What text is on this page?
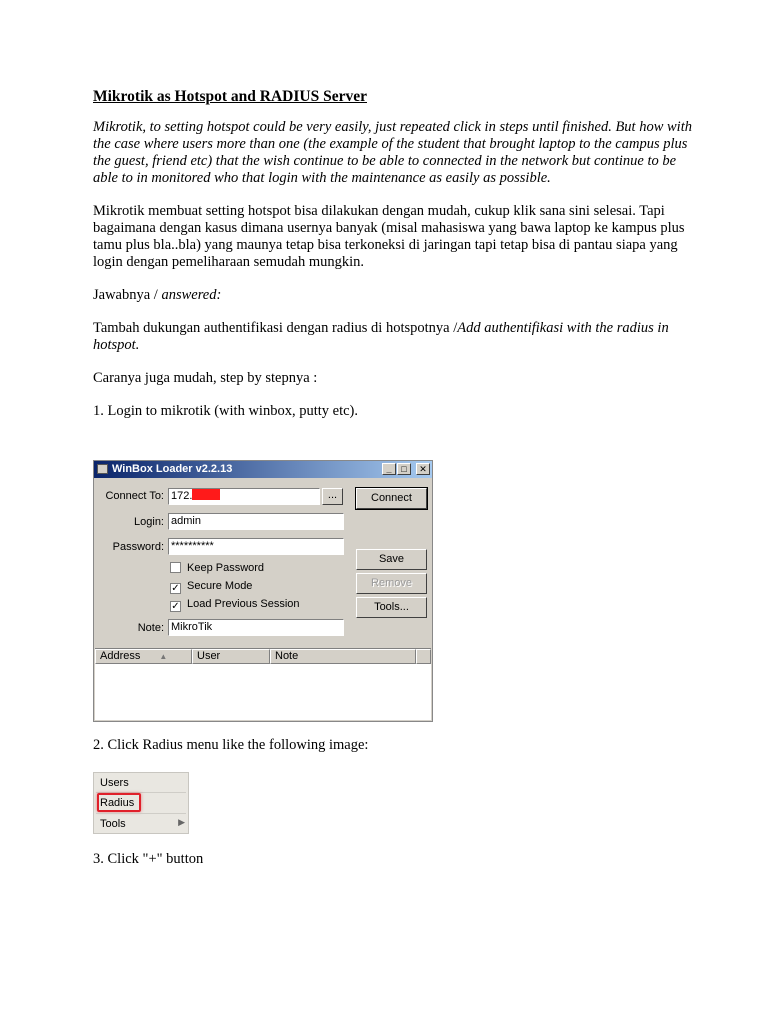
Mikrotik as Hotspot and RADIUS Server

Mikrotik, to setting hotspot could be very easily, just repeated click in steps until finished. But how with the case where users more than one (the example of the student that brought laptop to the campus plus the guest, friend etc) that the wish continue to be able to connected in the network but continue to be able to in monitored who that login with the maintenance as easily as possible.

Mikrotik membuat setting hotspot bisa dilakukan dengan mudah, cukup klik sana sini selesai. Tapi bagaimana dengan kasus dimana usernya banyak (misal mahasiswa yang bawa laptop ke kampus plus tamu plus bla..bla) yang maunya tetap bisa terkoneksi di jaringan tapi tetap bisa di pantau siapa yang login dengan pemeliharaan semudah mungkin.

Jawabnya / answered:

Tambah dukungan authentifikasi dengan radius di hotspotnya /Add authentifikasi with the radius in hotspot.

Caranya juga mudah, step by stepnya :

1. Login to mikrotik (with winbox, putty etc).

WinBox Loader v2.2.13	_	□	✕
Connect To: 172.	...	Connect
Login: admin
Password: **********
Save
Keep Password
✓ Secure Mode
✓ Load Previous Session
Remove
Tools...
Note: MikroTik
Address ▲	User	Note

2. Click Radius menu like the following image:

Users
Radius
Tools	▶

3. Click "+" button
